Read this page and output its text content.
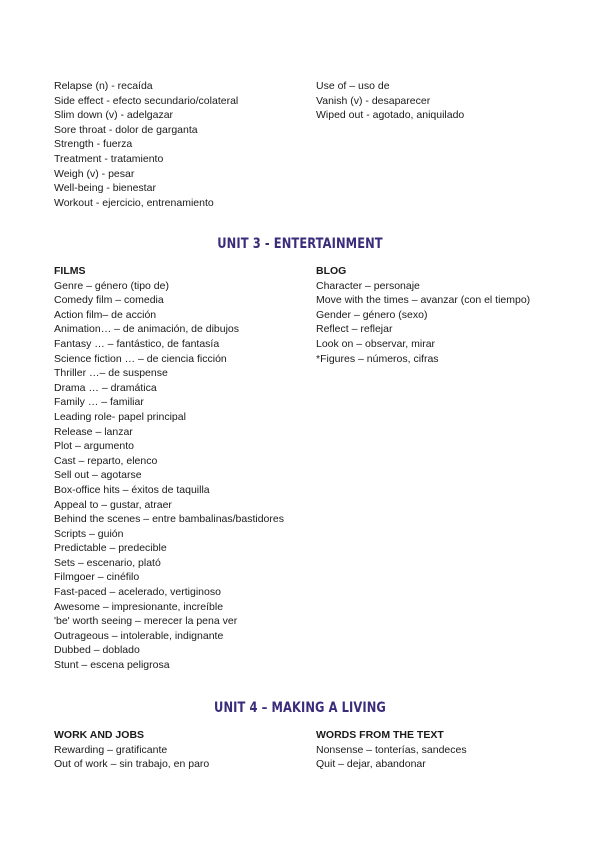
Relapse (n) - recaída
Side effect - efecto secundario/colateral
Slim down (v) - adelgazar
Sore throat - dolor de garganta
Strength - fuerza
Treatment - tratamiento
Weigh (v) - pesar
Well-being - bienestar
Workout - ejercicio, entrenamiento
Use of – uso de
Vanish (v) - desaparecer
Wiped out - agotado, aniquilado
UNIT 3 - ENTERTAINMENT
FILMS
Genre – género (tipo de)
Comedy film – comedia
Action film– de acción
Animation… – de animación, de dibujos
Fantasy … – fantástico, de fantasía
Science fiction … – de ciencia ficción
Thriller …– de suspense
Drama … – dramática
Family … – familiar
Leading role- papel principal
Release – lanzar
Plot – argumento
Cast – reparto, elenco
Sell out – agotarse
Box-office hits – éxitos de taquilla
Appeal to – gustar, atraer
Behind the scenes – entre bambalinas/bastidores
Scripts – guión
Predictable – predecible
Sets – escenario, plató
Filmgoer – cinéfilo
Fast-paced – acelerado, vertiginoso
Awesome – impresionante, increíble
'be' worth seeing – merecer la pena ver
Outrageous – intolerable, indignante
Dubbed – doblado
Stunt – escena peligrosa
BLOG
Character – personaje
Move with the times – avanzar (con el tiempo)
Gender – género (sexo)
Reflect – reflejar
Look on – observar, mirar
*Figures – números, cifras
UNIT 4 – MAKING A LIVING
WORK AND JOBS
Rewarding – gratificante
Out of work – sin trabajo, en paro
WORDS FROM THE TEXT
Nonsense – tonterías, sandeces
Quit – dejar, abandonar
